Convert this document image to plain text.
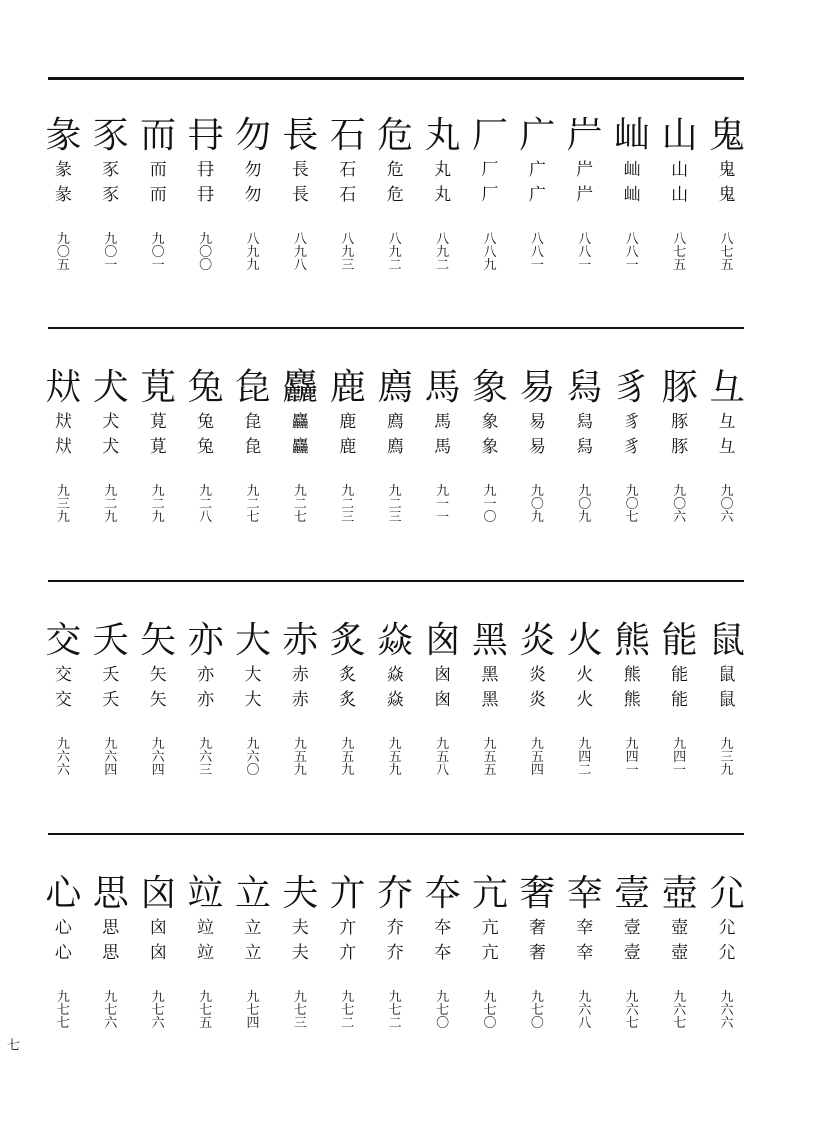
鬼
鬼
鬼
八
七
五
山
山
山
八
七
五
屾
屾
屾
八
八
一
屵
屵
屵
八
八
一
广
广
广
八
八
一
厂
厂
厂
八
八
九
丸
丸
丸
八
九
二
危
危
危
八
九
二
石
石
石
八
九
三
長
長
長
八
九
八
勿
勿
勿
八
九
九
冄
冄
冄
九
〇
〇
而
而
而
九
〇
一
豕
豕
豕
九
〇
一
彖
彖
彖
九
〇
五
彑
彑
彑
九
〇
六
豚
豚
豚
九
〇
六
豸
豸
豸
九
〇
七
舄
舄
舄
九
〇
九
易
易
易
九
〇
九
象
象
象
九
一
〇
馬
馬
馬
九
一
一
廌
廌
廌
九
二
三
鹿
鹿
鹿
九
二
三
麤
麤
麤
九
二
七
㲋
㲋
㲋
九
二
七
兔
兔
兔
九
二
八
莧
莧
莧
九
二
九
犬
犬
犬
九
二
九
㹜
㹜
㹜
九
三
九
鼠
鼠
鼠
九
三
九
能
能
能
九
四
一
熊
熊
熊
九
四
一
火
火
火
九
四
二
炎
炎
炎
九
五
四
黑
黑
黑
九
五
五
囪
囪
囪
九
五
八
焱
焱
焱
九
五
九
炙
炙
炙
九
五
九
赤
赤
赤
九
五
九
大
大
大
九
六
〇
亦
亦
亦
九
六
三
矢
矢
矢
九
六
四
夭
夭
夭
九
六
四
交
交
交
九
六
六
尣
尣
尣
九
六
六
壺
壺
壺
九
六
七
壹
壹
壹
九
六
七
㚔
㚔
㚔
九
六
八
奢
奢
奢
九
七
〇
亢
亢
亢
九
七
〇
夲
夲
夲
九
七
〇
夰
夰
夰
九
七
二
亣
亣
亣
九
七
二
夫
夫
夫
九
七
三
立
立
立
九
七
四
竝
竝
竝
九
七
五
囟
囟
囟
九
七
六
思
思
思
九
七
六
心
心
心
九
七
七
七
